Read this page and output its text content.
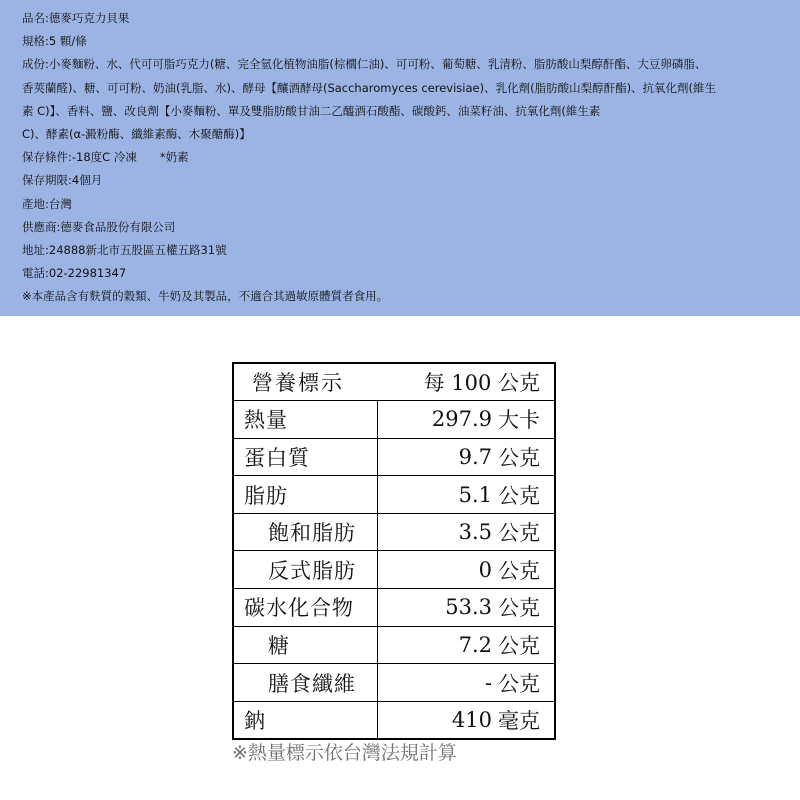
品名:德麥巧克力貝果
規格:5 顆/條
成份:小麥麵粉、水、代可可脂巧克力(糖、完全氫化植物油脂(棕櫚仁油)、可可粉、葡萄糖、乳清粉、脂肪酸山梨醇酐酯、大豆卵磷脂、
香莢蘭醛)、糖、可可粉、奶油(乳脂、水)、酵母【釀酒酵母(Saccharomyces cerevisiae)、乳化劑(脂肪酸山梨醇酐酯)、抗氧化劑(維生
素 C)】、香料、鹽、改良劑【小麥麵粉、單及雙脂肪酸甘油二乙醯酒石酸酯、碳酸鈣、油菜籽油、抗氧化劑(維生素
C)、酵素(α-澱粉酶、纖維素酶、木聚醣酶)】
保存條件:-18度C 冷凍　　*奶素
保存期限:4個月
產地:台灣
供應商:德麥食品股份有限公司
地址:24888新北市五股區五權五路31號
電話:02-22981347
※本產品含有麩質的穀類、牛奶及其製品，不適合其過敏原體質者食用。
營養標示 每 100 公克	

熱量	297.9 大卡

蛋白質	9.7 公克

脂肪	5.1 公克

飽和脂肪	3.5 公克

反式脂肪	0 公克

碳水化合物	53.3 公克

糖	7.2 公克

膳食纖維	- 公克

鈉	410 毫克
※熱量標示依台灣法規計算
